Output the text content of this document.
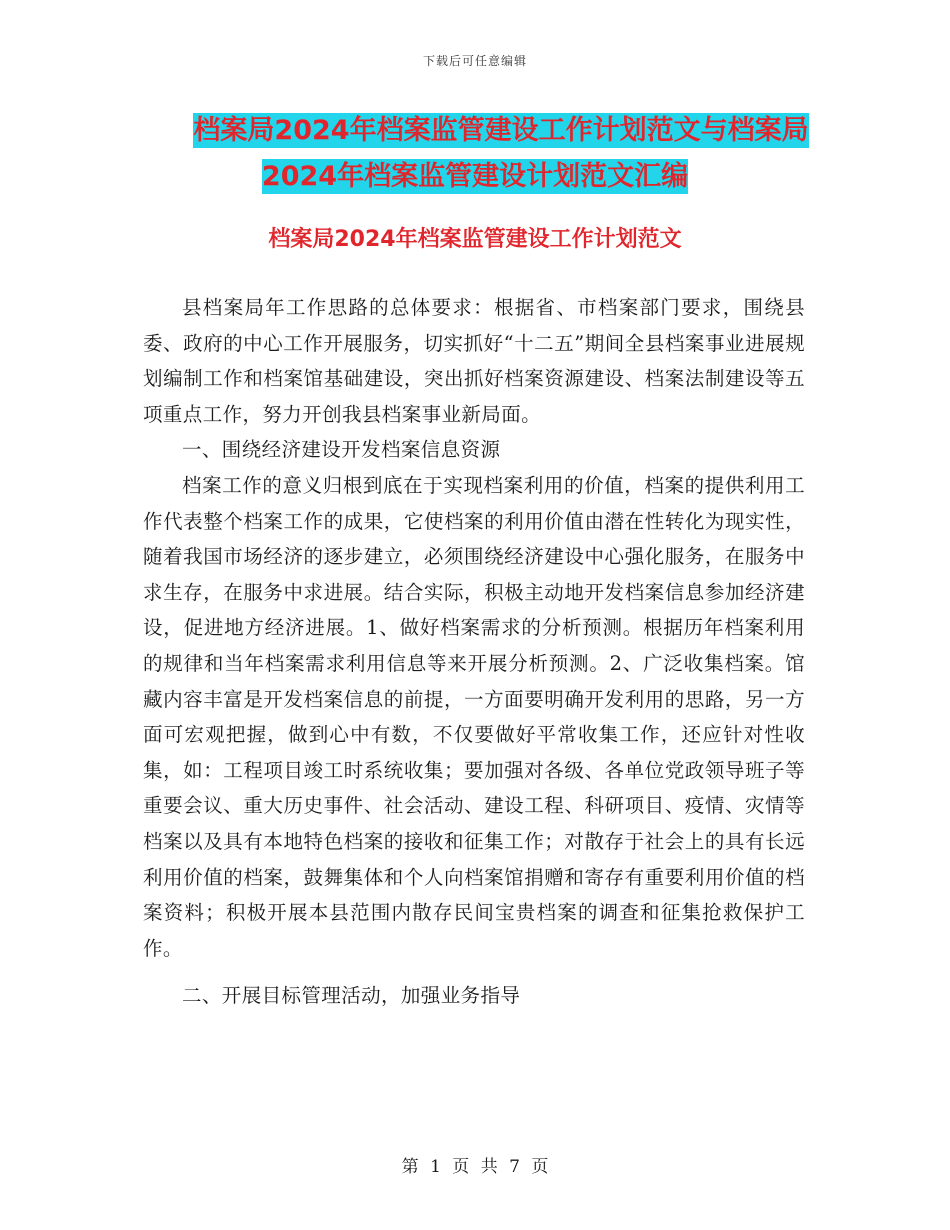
下载后可任意编辑
档案局2024年档案监管建设工作计划范文与档案局
2024年档案监管建设计划范文汇编
档案局2024年档案监管建设工作计划范文

县档案局年工作思路的总体要求：根据省、市档案部门要求，围绕县委、政府的中心工作开展服务，切实抓好“十二五”期间全县档案事业进展规划编制工作和档案馆基础建设，突出抓好档案资源建设、档案法制建设等五项重点工作，努力开创我县档案事业新局面。

一、围绕经济建设开发档案信息资源

档案工作的意义归根到底在于实现档案利用的价值，档案的提供利用工作代表整个档案工作的成果，它使档案的利用价值由潜在性转化为现实性，随着我国市场经济的逐步建立，必须围绕经济建设中心强化服务，在服务中求生存，在服务中求进展。结合实际，积极主动地开发档案信息参加经济建设，促进地方经济进展。1、做好档案需求的分析预测。根据历年档案利用的规律和当年档案需求利用信息等来开展分析预测。2、广泛收集档案。馆藏内容丰富是开发档案信息的前提，一方面要明确开发利用的思路，另一方面可宏观把握，做到心中有数，不仅要做好平常收集工作，还应针对性收集，如：工程项目竣工时系统收集；要加强对各级、各单位党政领导班子等重要会议、重大历史事件、社会活动、建设工程、科研项目、疫情、灾情等档案以及具有本地特色档案的接收和征集工作；对散存于社会上的具有长远利用价值的档案，鼓舞集体和个人向档案馆捐赠和寄存有重要利用价值的档案资料；积极开展本县范围内散存民间宝贵档案的调查和征集抢救保护工作。

二、开展目标管理活动，加强业务指导

第 1 页 共 7 页
